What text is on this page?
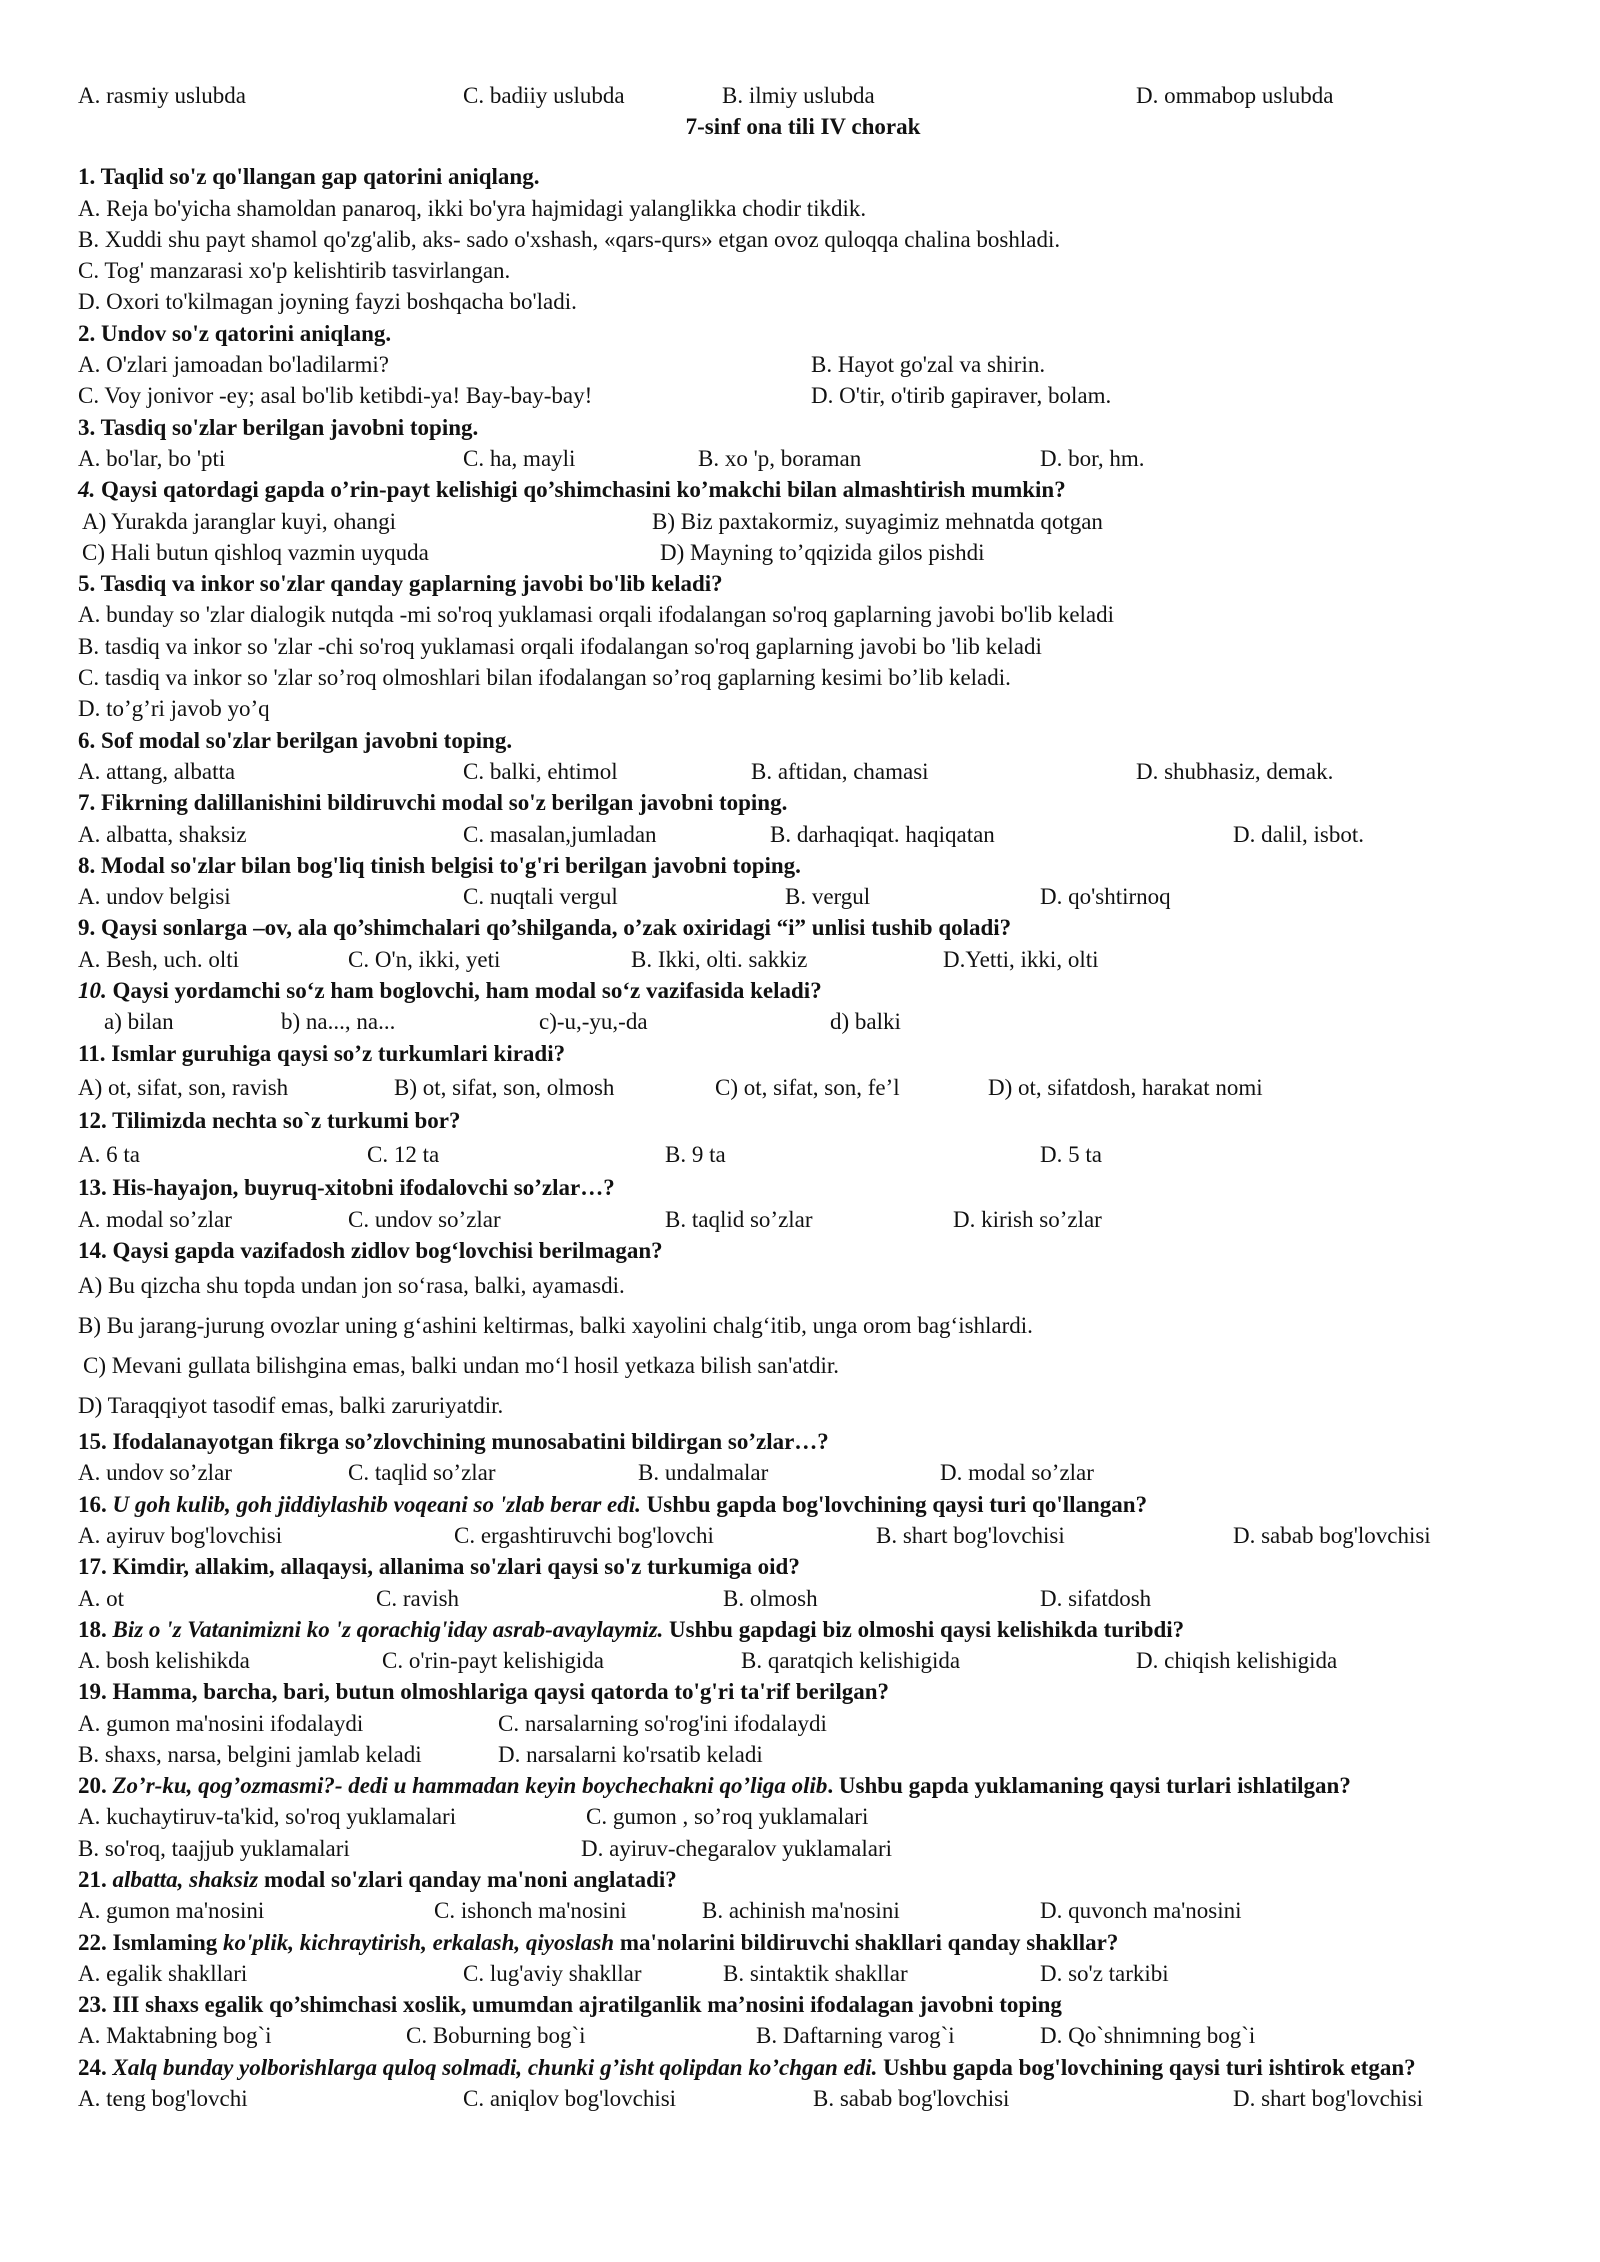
A. rasmiy uslubda	C. badiiy uslubda	B. ilmiy uslubda	D. ommabop uslubda
7-sinf ona tili IV chorak
1. Taqlid so'z qo'llangan gap qatorini aniqlang.
A. Reja bo'yicha shamoldan panaroq, ikki bo'yra hajmidagi yalanglikka chodir tikdik.
B. Xuddi shu payt shamol qo'zg'alib, aks- sado o'xshash, «qars-qurs» etgan ovoz quloqqa chalina boshladi.
C. Tog' manzarasi xo'p kelishtirib tasvirlangan.
D. Oxori to'kilmagan joyning fayzi boshqacha bo'ladi.
2. Undov so'z qatorini aniqlang.
A. O'zlari jamoadan bo'ladilarmi?	B. Hayot go'zal va shirin.
C. Voy jonivor -ey; asal bo'lib ketibdi-ya! Bay-bay-bay!	D. O'tir, o'tirib gapiraver, bolam.
3. Tasdiq so'zlar berilgan javobni toping.
A. bo'lar, bo 'pti	C. ha, mayli	B. xo 'p, boraman	D. bor, hm.
4. Qaysi qatordagi gapda o’rin-payt kelishigi qo’shimchasini ko’makchi bilan almashtirish mumkin?
A) Yurakda jaranglar kuyi, ohangi	B) Biz paxtakormiz, suyagimiz mehnatda qotgan
C) Hali butun qishloq vazmin uyquda	D) Mayning to’qqizida gilos pishdi
5. Tasdiq va inkor so'zlar qanday gaplarning javobi bo'lib keladi?
A. bunday so 'zlar dialogik nutqda -mi so'roq yuklamasi orqali ifodalangan so'roq gaplarning javobi bo'lib keladi
B. tasdiq va inkor so 'zlar -chi so'roq yuklamasi orqali ifodalangan so'roq gaplarning javobi bo 'lib keladi
C. tasdiq va inkor so 'zlar so’roq olmoshlari bilan ifodalangan so’roq gaplarning kesimi bo’lib keladi.
D. to’g’ri javob yo’q
6. Sof modal so'zlar berilgan javobni toping.
A. attang, albatta	C. balki, ehtimol	B. aftidan, chamasi	D. shubhasiz, demak.
7. Fikrning dalillanishini bildiruvchi modal so'z berilgan javobni toping.
A. albatta, shaksiz	C. masalan,jumladan	B. darhaqiqat. haqiqatan	D. dalil, isbot.
8. Modal so'zlar bilan bog'liq tinish belgisi to'g'ri berilgan javobni toping.
A. undov belgisi	C. nuqtali vergul	B. vergul	D. qo'shtirnoq
9. Qaysi sonlarga –ov, ala qo’shimchalari qo’shilganda, o’zak oxiridagi “i” unlisi tushib qoladi?
A. Besh, uch. olti	C. O'n, ikki, yeti	B. Ikki, olti. sakkiz	D.Yetti, ikki, olti
10. Qaysi yordamchi so‘z ham boglovchi, ham modal so‘z vazifasida keladi?
a) bilan	b) na..., na...	c)-u,-yu,-da	d) balki
11. Ismlar guruhiga qaysi so’z turkumlari kiradi?
A) ot, sifat, son, ravish	B) ot, sifat, son, olmosh	C) ot, sifat, son, fe’l	D) ot, sifatdosh, harakat nomi
12. Tilimizda nechta so`z turkumi bor?
A. 6 ta	C. 12 ta	B. 9 ta	D. 5 ta
13. His-hayajon, buyruq-xitobni ifodalovchi so’zlar…?
A. modal so’zlar	C. undov so’zlar	B. taqlid so’zlar	D. kirish so’zlar
14. Qaysi gapda vazifadosh zidlov bog‘lovchisi berilmagan?
A) Bu qizcha shu topda undan jon so‘rasa, balki, ayamasdi.
B) Bu jarang-jurung ovozlar uning g‘ashini keltirmas, balki xayolini chalg‘itib, unga orom bag‘ishlardi.
C) Mevani gullata bilishgina emas, balki undan mo‘l hosil yetkaza bilish san'atdir.
D) Taraqqiyot tasodif emas, balki zaruriyatdir.
15. Ifodalanayotgan fikrga so’zlovchining munosabatini bildirgan so’zlar…?
A. undov so’zlar	C. taqlid so’zlar	B. undalmalar	D. modal so’zlar
16. U goh kulib, goh jiddiylashib voqeani so 'zlab berar edi. Ushbu gapda bog'lovchining qaysi turi qo'llangan?
A. ayiruv bog'lovchisi	C. ergashtiruvchi bog'lovchi	B. shart bog'lovchisi	D. sabab bog'lovchisi
17. Kimdir, allakim, allaqaysi, allanima so'zlari qaysi so'z turkumiga oid?
A. ot	C. ravish	B. olmosh	D. sifatdosh
18. Biz o 'z Vatanimizni ko 'z qorachig'iday asrab-avaylaymiz. Ushbu gapdagi biz olmoshi qaysi kelishikda turibdi?
A. bosh kelishikda	C. o'rin-payt kelishigida	B. qaratqich kelishigida	D. chiqish kelishigida
19. Hamma, barcha, bari, butun olmoshlariga qaysi qatorda to'g'ri ta'rif berilgan?
A. gumon ma'nosini ifodalaydi	C. narsalarning so'rog'ini ifodalaydi
B. shaxs, narsa, belgini jamlab keladi	D. narsalarni ko'rsatib keladi
20. Zo’r-ku, qog’ozmasmi?- dedi u hammadan keyin boychechakni qo’liga olib. Ushbu gapda yuklamaning qaysi turlari ishlatilgan?
A. kuchaytiruv-ta'kid, so'roq yuklamalari	C. gumon , so’roq yuklamalari
B. so'roq, taajjub yuklamalari	D. ayiruv-chegaralov yuklamalari
21. albatta, shaksiz modal so'zlari qanday ma'noni anglatadi?
A. gumon ma'nosini	C. ishonch ma'nosini	B. achinish ma'nosini	D. quvonch ma'nosini
22. Ismlaming ko'plik, kichraytirish, erkalash, qiyoslash ma'nolarini bildiruvchi shakllari qanday shakllar?
A. egalik shakllari	C. lug'aviy shakllar	B. sintaktik shakllar	D. so'z tarkibi
23. III shaxs egalik qo’shimchasi xoslik, umumdan ajratilganlik ma’nosini ifodalagan javobni toping
A. Maktabning bog`i	C. Boburning bog`i	B. Daftarning varog`i	D. Qo`shnimning bog`i
24. Xalq bunday yolborishlarga quloq solmadi, chunki g’isht qolipdan ko’chgan edi. Ushbu gapda bog'lovchining qaysi turi ishtirok etgan?
A. teng bog'lovchi	C. aniqlov bog'lovchisi	B. sabab bog'lovchisi	D. shart bog'lovchisi
